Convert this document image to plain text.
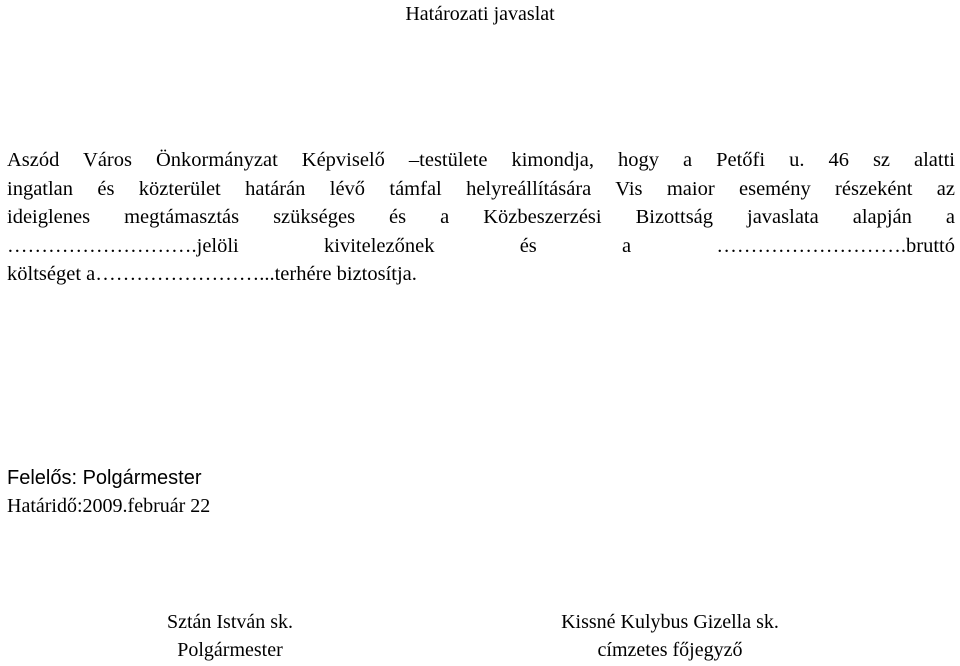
Határozati javaslat
Aszód Város Önkormányzat Képviselő –testülete kimondja, hogy a Petőfi u. 46 sz alatti
ingatlan és közterület határán lévő támfal helyreállítására Vis maior esemény részeként az
ideiglenes megtámasztás szükséges és a Közbeszerzési Bizottság javaslata alapján a
……………………….jelöli kivitelezőnek és a ……………………….bruttó
költséget a……………………...terhére biztosítja.
Felelős: Polgármester
Határidő:2009.február 22
Sztán István sk.
Polgármester
Kissné Kulybus Gizella sk.
címzetes főjegyző
